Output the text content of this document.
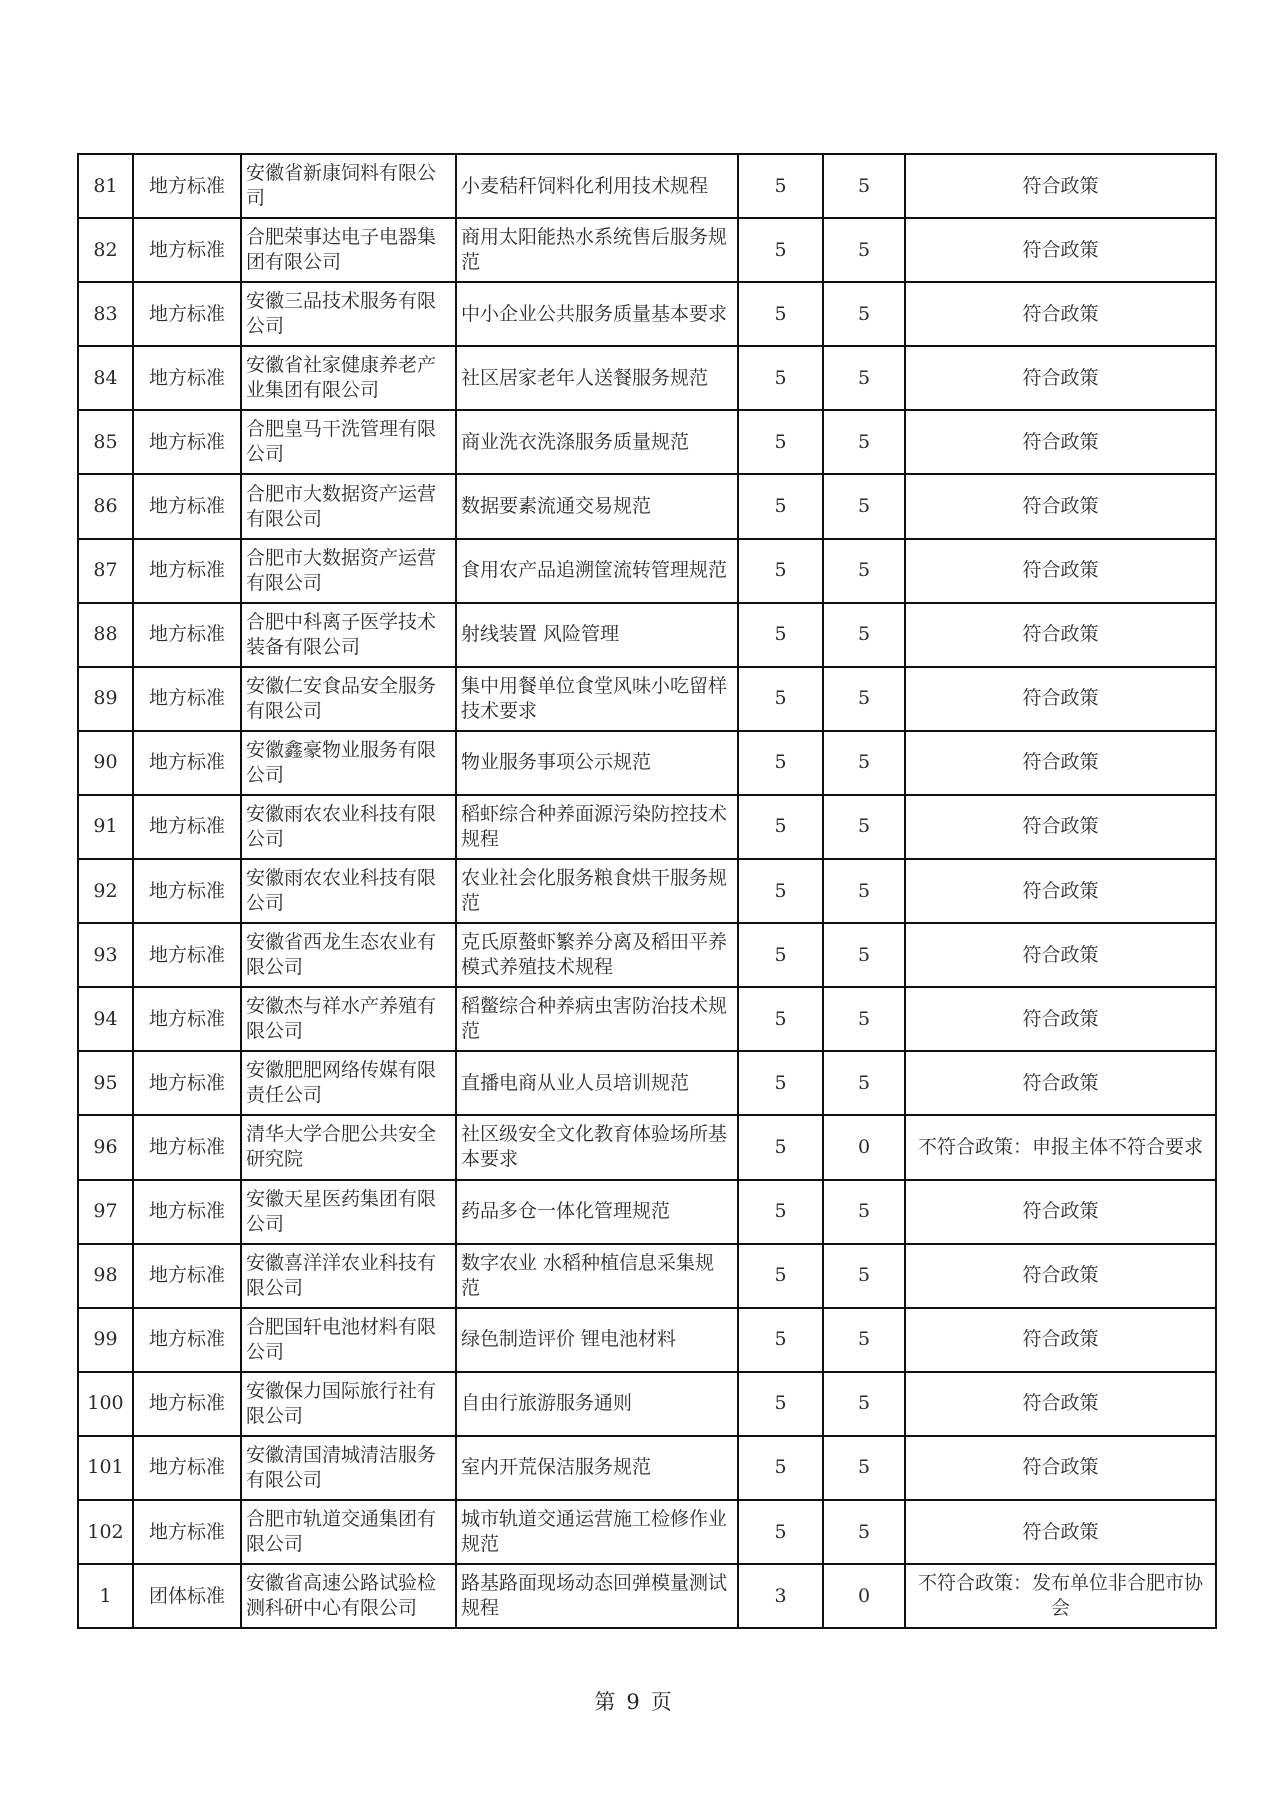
81	地方标准	安徽省新康饲料有限公司	小麦秸秆饲料化利用技术规程	5	5	符合政策
82	地方标准	合肥荣事达电子电器集团有限公司	商用太阳能热水系统售后服务规范	5	5	符合政策
83	地方标准	安徽三品技术服务有限公司	中小企业公共服务质量基本要求	5	5	符合政策
84	地方标准	安徽省社家健康养老产业集团有限公司	社区居家老年人送餐服务规范	5	5	符合政策
85	地方标准	合肥皇马干洗管理有限公司	商业洗衣洗涤服务质量规范	5	5	符合政策
86	地方标准	合肥市大数据资产运营有限公司	数据要素流通交易规范	5	5	符合政策
87	地方标准	合肥市大数据资产运营有限公司	食用农产品追溯筐流转管理规范	5	5	符合政策
88	地方标准	合肥中科离子医学技术装备有限公司	射线装置 风险管理	5	5	符合政策
89	地方标准	安徽仁安食品安全服务有限公司	集中用餐单位食堂风味小吃留样技术要求	5	5	符合政策
90	地方标准	安徽鑫豪物业服务有限公司	物业服务事项公示规范	5	5	符合政策
91	地方标准	安徽雨农农业科技有限公司	稻虾综合种养面源污染防控技术规程	5	5	符合政策
92	地方标准	安徽雨农农业科技有限公司	农业社会化服务粮食烘干服务规范	5	5	符合政策
93	地方标准	安徽省西龙生态农业有限公司	克氏原螯虾繁养分离及稻田平养模式养殖技术规程	5	5	符合政策
94	地方标准	安徽杰与祥水产养殖有限公司	稻鳖综合种养病虫害防治技术规范	5	5	符合政策
95	地方标准	安徽肥肥网络传媒有限责任公司	直播电商从业人员培训规范	5	5	符合政策
96	地方标准	清华大学合肥公共安全研究院	社区级安全文化教育体验场所基本要求	5	0	不符合政策：申报主体不符合要求
97	地方标准	安徽天星医药集团有限公司	药品多仓一体化管理规范	5	5	符合政策
98	地方标准	安徽喜洋洋农业科技有限公司	数字农业 水稻种植信息采集规范	5	5	符合政策
99	地方标准	合肥国轩电池材料有限公司	绿色制造评价 锂电池材料	5	5	符合政策
100	地方标准	安徽保力国际旅行社有限公司	自由行旅游服务通则	5	5	符合政策
101	地方标准	安徽清国清城清洁服务有限公司	室内开荒保洁服务规范	5	5	符合政策
102	地方标准	合肥市轨道交通集团有限公司	城市轨道交通运营施工检修作业规范	5	5	符合政策
1	团体标准	安徽省高速公路试验检测科研中心有限公司	路基路面现场动态回弹模量测试规程	3	0	不符合政策：发布单位非合肥市协会
第 9 页
